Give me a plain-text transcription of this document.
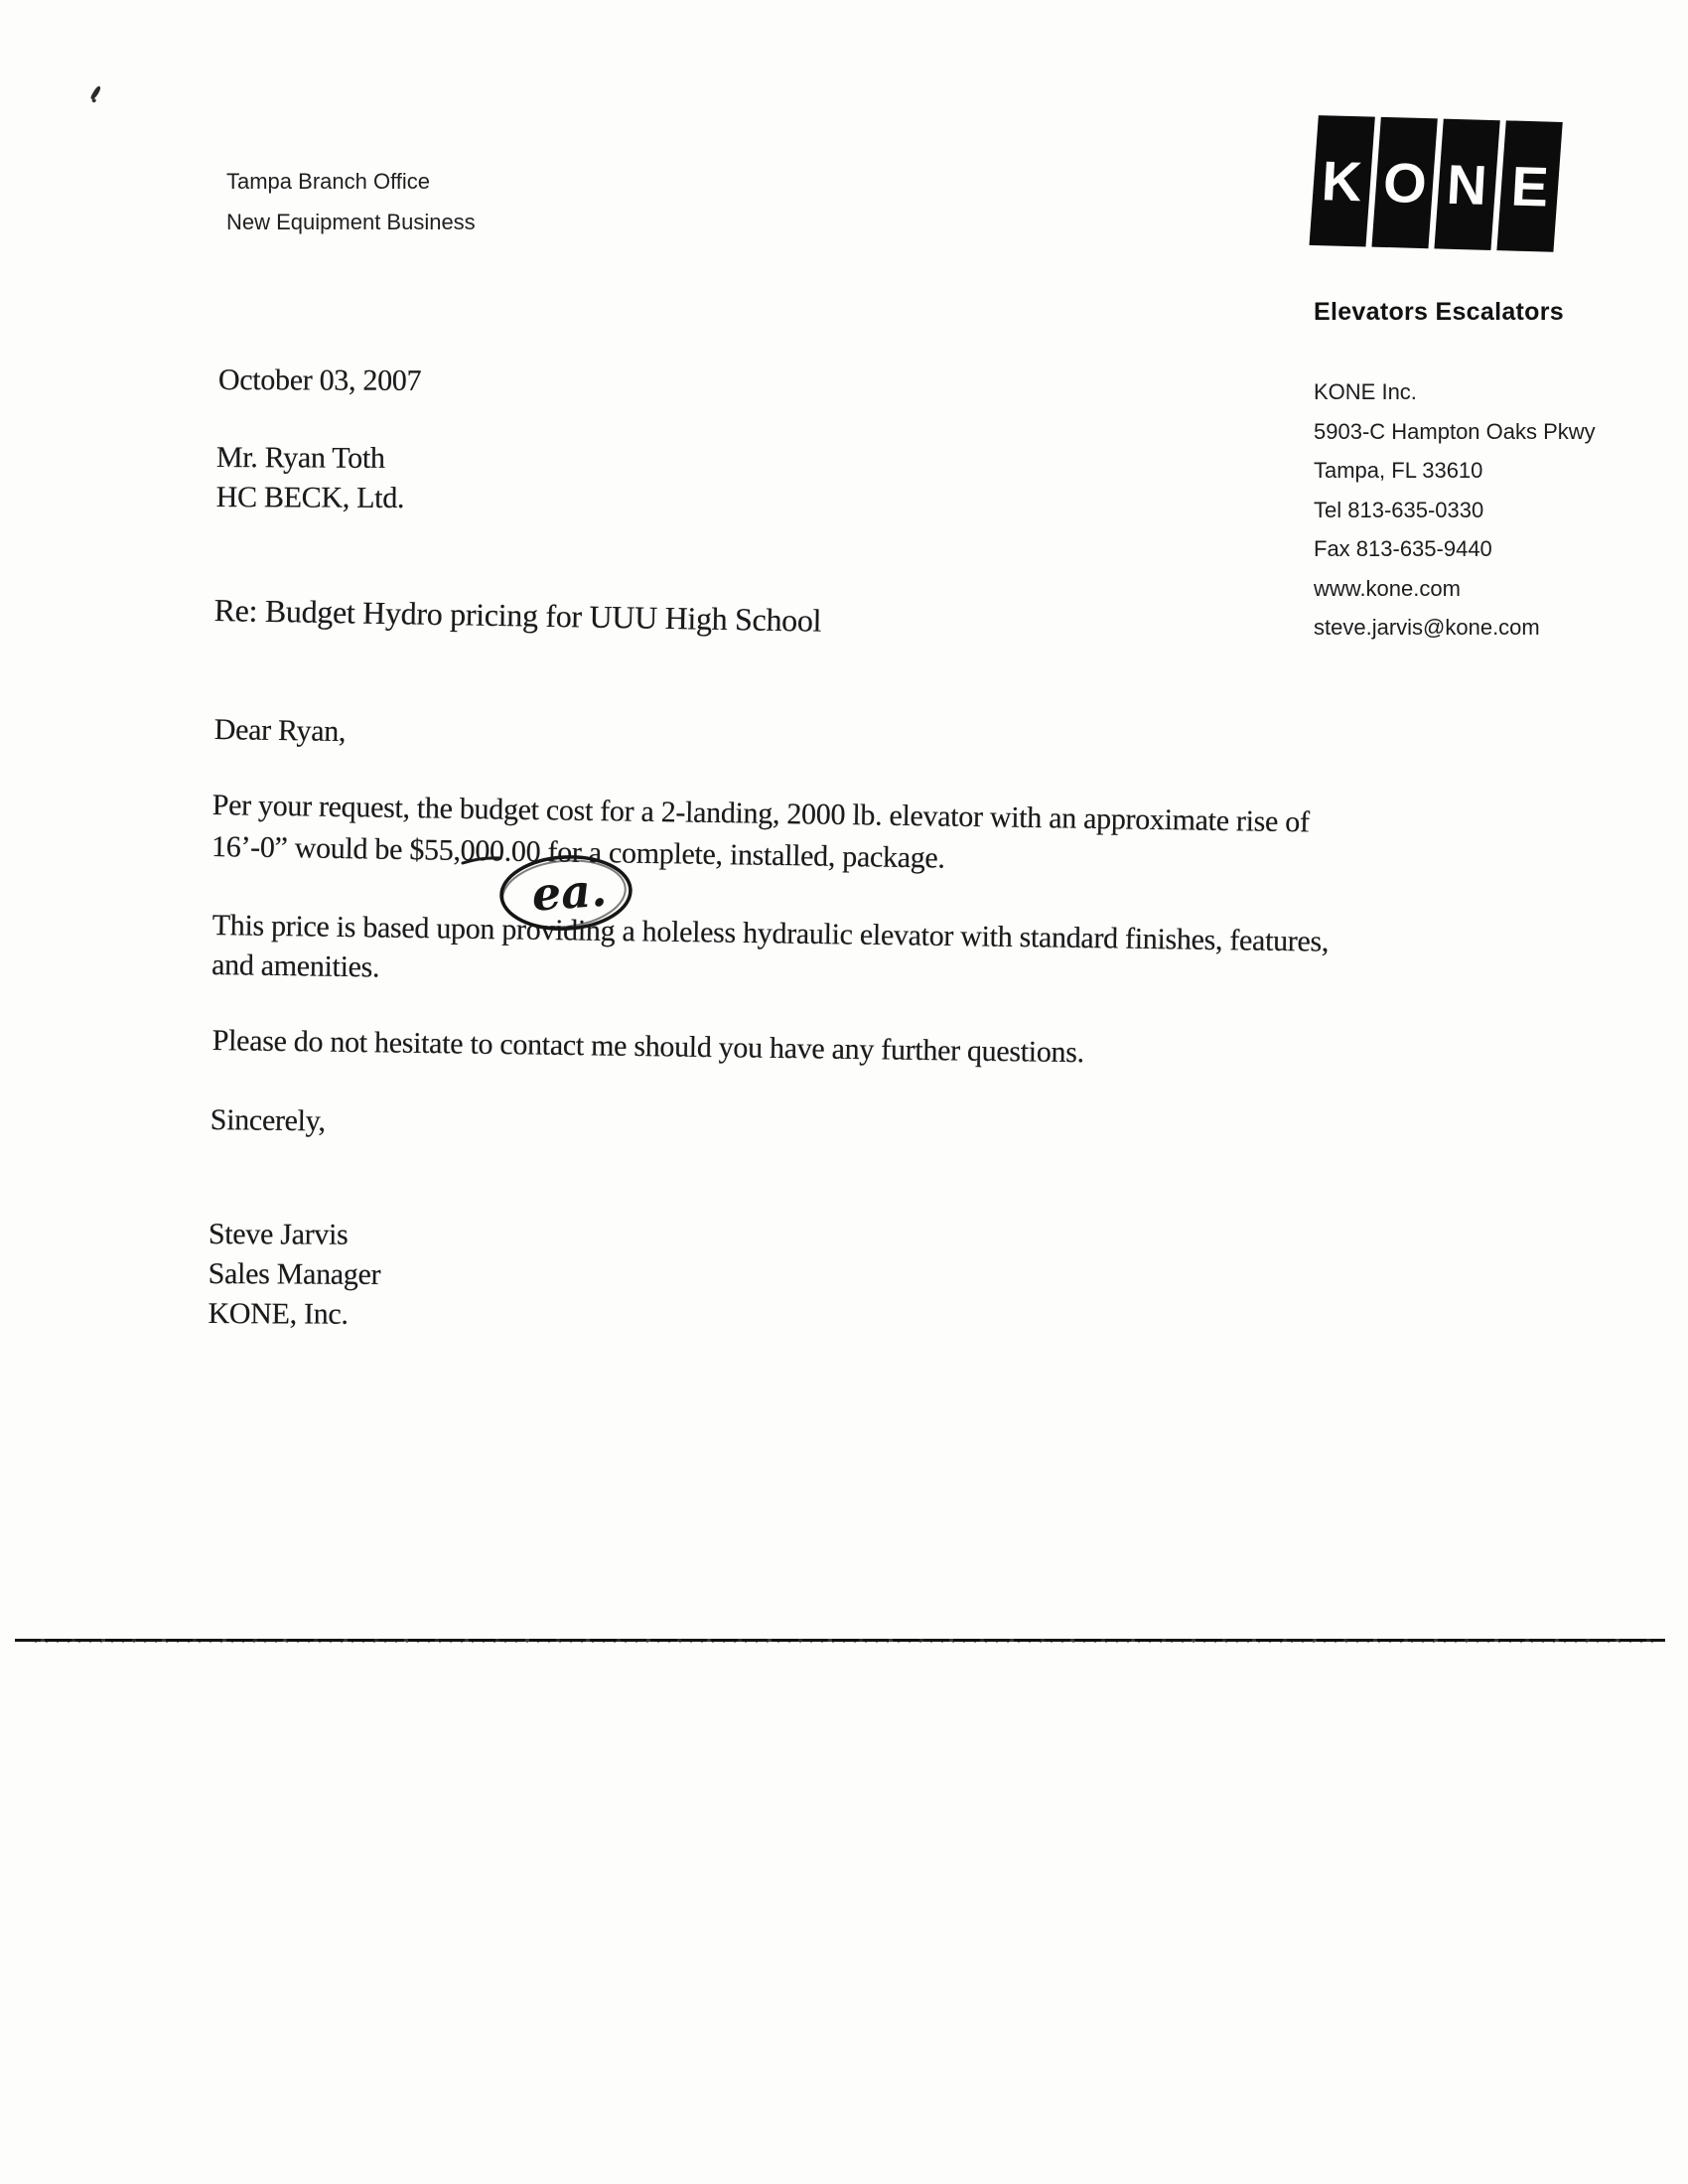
Tampa Branch Office
New Equipment Business
K O N E
Elevators Escalators
KONE Inc.
5903-C Hampton Oaks Pkwy
Tampa, FL 33610
Tel 813-635-0330
Fax 813-635-9440
www.kone.com
steve.jarvis@kone.com
October 03, 2007
Mr. Ryan Toth
HC BECK, Ltd.
Re: Budget Hydro pricing for UUU High School
Dear Ryan,
Per your request, the budget cost for a 2-landing, 2000 lb. elevator with an approximate rise of
16’-0” would be $55,000.00 for a complete, installed, package.
ea.
This price is based upon providing a holeless hydraulic elevator with standard finishes, features,
and amenities.
Please do not hesitate to contact me should you have any further questions.
Sincerely,
Steve Jarvis
Sales Manager
KONE, Inc.
